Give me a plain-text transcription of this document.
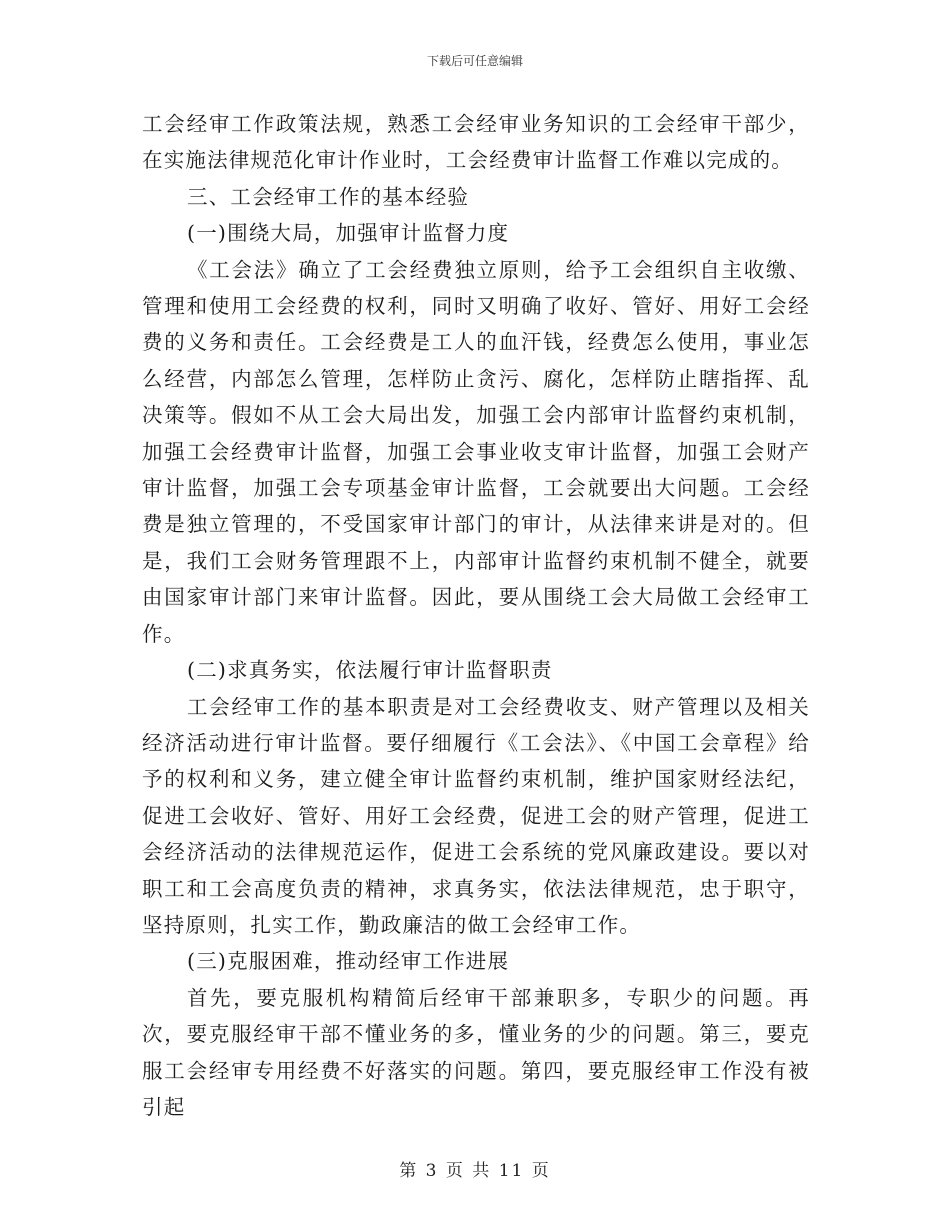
下载后可任意编辑

工会经审工作政策法规，熟悉工会经审业务知识的工会经审干部少，在实施法律规范化审计作业时，工会经费审计监督工作难以完成的。

三、工会经审工作的基本经验

(一)围绕大局，加强审计监督力度

《工会法》确立了工会经费独立原则，给予工会组织自主收缴、管理和使用工会经费的权利，同时又明确了收好、管好、用好工会经费的义务和责任。工会经费是工人的血汗钱，经费怎么使用，事业怎么经营，内部怎么管理，怎样防止贪污、腐化，怎样防止瞎指挥、乱决策等。假如不从工会大局出发，加强工会内部审计监督约束机制，加强工会经费审计监督，加强工会事业收支审计监督，加强工会财产审计监督，加强工会专项基金审计监督，工会就要出大问题。工会经费是独立管理的，不受国家审计部门的审计，从法律来讲是对的。但是，我们工会财务管理跟不上，内部审计监督约束机制不健全，就要由国家审计部门来审计监督。因此，要从围绕工会大局做工会经审工作。

(二)求真务实，依法履行审计监督职责

工会经审工作的基本职责是对工会经费收支、财产管理以及相关经济活动进行审计监督。要仔细履行《工会法》、《中国工会章程》给予的权利和义务，建立健全审计监督约束机制，维护国家财经法纪，促进工会收好、管好、用好工会经费，促进工会的财产管理，促进工会经济活动的法律规范运作，促进工会系统的党风廉政建设。要以对职工和工会高度负责的精神，求真务实，依法法律规范，忠于职守，坚持原则，扎实工作，勤政廉洁的做工会经审工作。

(三)克服困难，推动经审工作进展

首先，要克服机构精简后经审干部兼职多，专职少的问题。再次，要克服经审干部不懂业务的多，懂业务的少的问题。第三，要克服工会经审专用经费不好落实的问题。第四，要克服经审工作没有被引起

第 3 页 共 11 页
